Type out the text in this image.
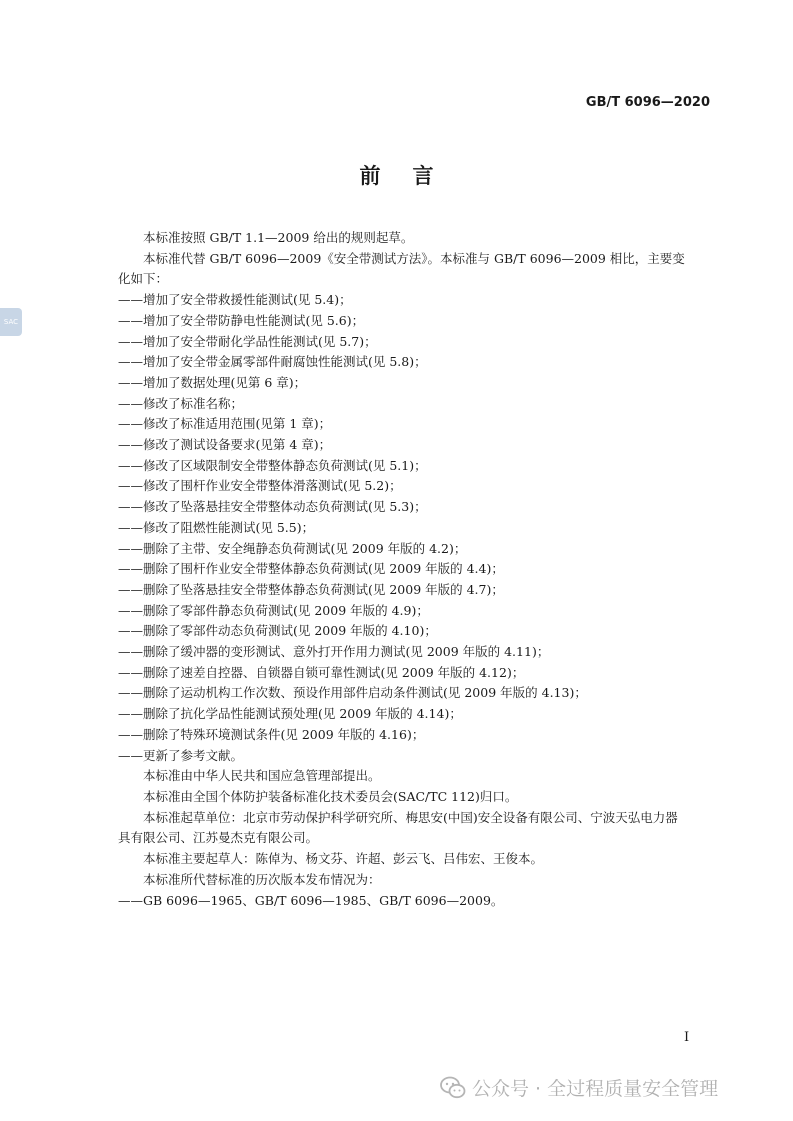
SAC
GB/T 6096—2020
前言

本标准按照 GB/T 1.1—2009 给出的规则起草。

本标准代替 GB/T 6096—2009《安全带测试方法》。本标准与 GB/T 6096—2009 相比，主要变
化如下：

——增加了安全带救援性能测试(见 5.4)；

——增加了安全带防静电性能测试(见 5.6)；

——增加了安全带耐化学品性能测试(见 5.7)；

——增加了安全带金属零部件耐腐蚀性能测试(见 5.8)；

——增加了数据处理(见第 6 章)；

——修改了标准名称；

——修改了标准适用范围(见第 1 章)；

——修改了测试设备要求(见第 4 章)；

——修改了区域限制安全带整体静态负荷测试(见 5.1)；

——修改了围杆作业安全带整体滑落测试(见 5.2)；

——修改了坠落悬挂安全带整体动态负荷测试(见 5.3)；

——修改了阻燃性能测试(见 5.5)；

——删除了主带、安全绳静态负荷测试(见 2009 年版的 4.2)；

——删除了围杆作业安全带整体静态负荷测试(见 2009 年版的 4.4)；

——删除了坠落悬挂安全带整体静态负荷测试(见 2009 年版的 4.7)；

——删除了零部件静态负荷测试(见 2009 年版的 4.9)；

——删除了零部件动态负荷测试(见 2009 年版的 4.10)；

——删除了缓冲器的变形测试、意外打开作用力测试(见 2009 年版的 4.11)；

——删除了速差自控器、自锁器自锁可靠性测试(见 2009 年版的 4.12)；

——删除了运动机构工作次数、预设作用部件启动条件测试(见 2009 年版的 4.13)；

——删除了抗化学品性能测试预处理(见 2009 年版的 4.14)；

——删除了特殊环境测试条件(见 2009 年版的 4.16)；

——更新了参考文献。

本标准由中华人民共和国应急管理部提出。

本标准由全国个体防护装备标准化技术委员会(SAC/TC 112)归口。

本标准起草单位：北京市劳动保护科学研究所、梅思安(中国)安全设备有限公司、宁波天弘电力器
具有限公司、江苏曼杰克有限公司。

本标准主要起草人：陈倬为、杨文芬、许超、彭云飞、吕伟宏、王俊本。

本标准所代替标准的历次版本发布情况为：

——GB 6096—1965、GB/T 6096—1985、GB/T 6096—2009。

I
公众号 · 全过程质量安全管理
